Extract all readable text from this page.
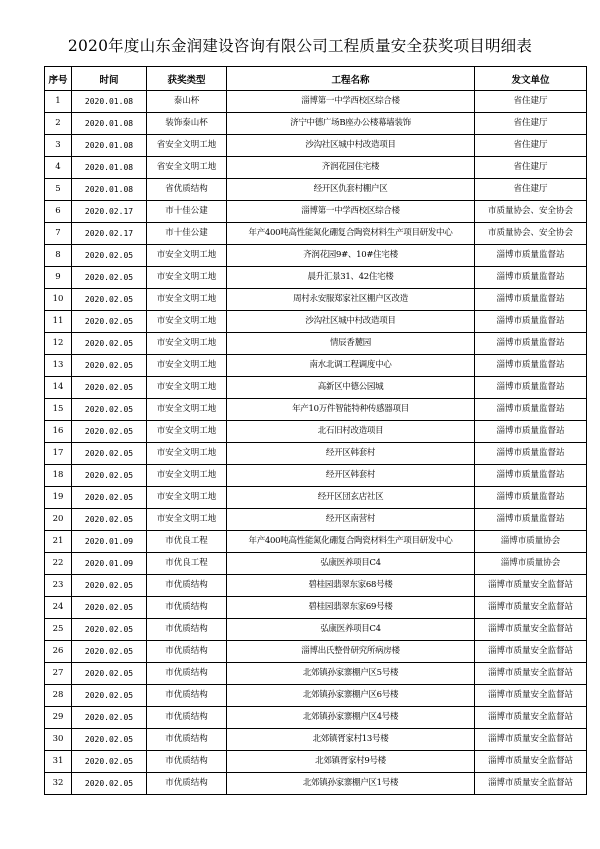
2020年度山东金润建设咨询有限公司工程质量安全获奖项目明细表
序号	时间	获奖类型	工程名称	发文单位
1	2020.01.08	泰山杯	淄博第一中学西校区综合楼	省住建厅
2	2020.01.08	装饰泰山杯	济宁中德广场B座办公楼幕墙装饰	省住建厅
3	2020.01.08	省安全文明工地	沙沟社区城中村改造项目	省住建厅
4	2020.01.08	省安全文明工地	齐润花园住宅楼	省住建厅
5	2020.01.08	省优质结构	经开区仇套村棚户区	省住建厅
6	2020.02.17	市十佳公建	淄博第一中学西校区综合楼	市质量协会、安全协会
7	2020.02.17	市十佳公建	年产400吨高性能氮化硼复合陶瓷材料生产项目研发中心	市质量协会、安全协会
8	2020.02.05	市安全文明工地	齐润花园9#、10#住宅楼	淄博市质量监督站
9	2020.02.05	市安全文明工地	晨升汇景31、42住宅楼	淄博市质量监督站
10	2020.02.05	市安全文明工地	周村永安服郑家社区棚户区改造	淄博市质量监督站
11	2020.02.05	市安全文明工地	沙沟社区城中村改造项目	淄博市质量监督站
12	2020.02.05	市安全文明工地	情辰香麓园	淄博市质量监督站
13	2020.02.05	市安全文明工地	南水北调工程调度中心	淄博市质量监督站
14	2020.02.05	市安全文明工地	高新区中德公园城	淄博市质量监督站
15	2020.02.05	市安全文明工地	年产10万件智能特种传感器项目	淄博市质量监督站
16	2020.02.05	市安全文明工地	北石旧村改造项目	淄博市质量监督站
17	2020.02.05	市安全文明工地	经开区韩套村	淄博市质量监督站
18	2020.02.05	市安全文明工地	经开区韩套村	淄博市质量监督站
19	2020.02.05	市安全文明工地	经开区団玄店社区	淄博市质量监督站
20	2020.02.05	市安全文明工地	经开区南营村	淄博市质量监督站
21	2020.01.09	市优良工程	年产400吨高性能氮化硼复合陶瓷材料生产项目研发中心	淄博市质量协会
22	2020.01.09	市优良工程	弘康医养项目C4	淄博市质量协会
23	2020.02.05	市优质结构	碧桂园翡翠东家68号楼	淄博市质量安全监督站
24	2020.02.05	市优质结构	碧桂园翡翠东家69号楼	淄博市质量安全监督站
25	2020.02.05	市优质结构	弘康医养项目C4	淄博市质量安全监督站
26	2020.02.05	市优质结构	淄博出氏整骨研究所病房楼	淄博市质量安全监督站
27	2020.02.05	市优质结构	北郊镇孙家寨棚户区5号楼	淄博市质量安全监督站
28	2020.02.05	市优质结构	北郊镇孙家寨棚户区6号楼	淄博市质量安全监督站
29	2020.02.05	市优质结构	北郊镇孙家寨棚户区4号楼	淄博市质量安全监督站
30	2020.02.05	市优质结构	北郊镇胥家村13号楼	淄博市质量安全监督站
31	2020.02.05	市优质结构	北郊镇胥家村9号楼	淄博市质量安全监督站
32	2020.02.05	市优质结构	北郊镇孙家寨棚户区1号楼	淄博市质量安全监督站
